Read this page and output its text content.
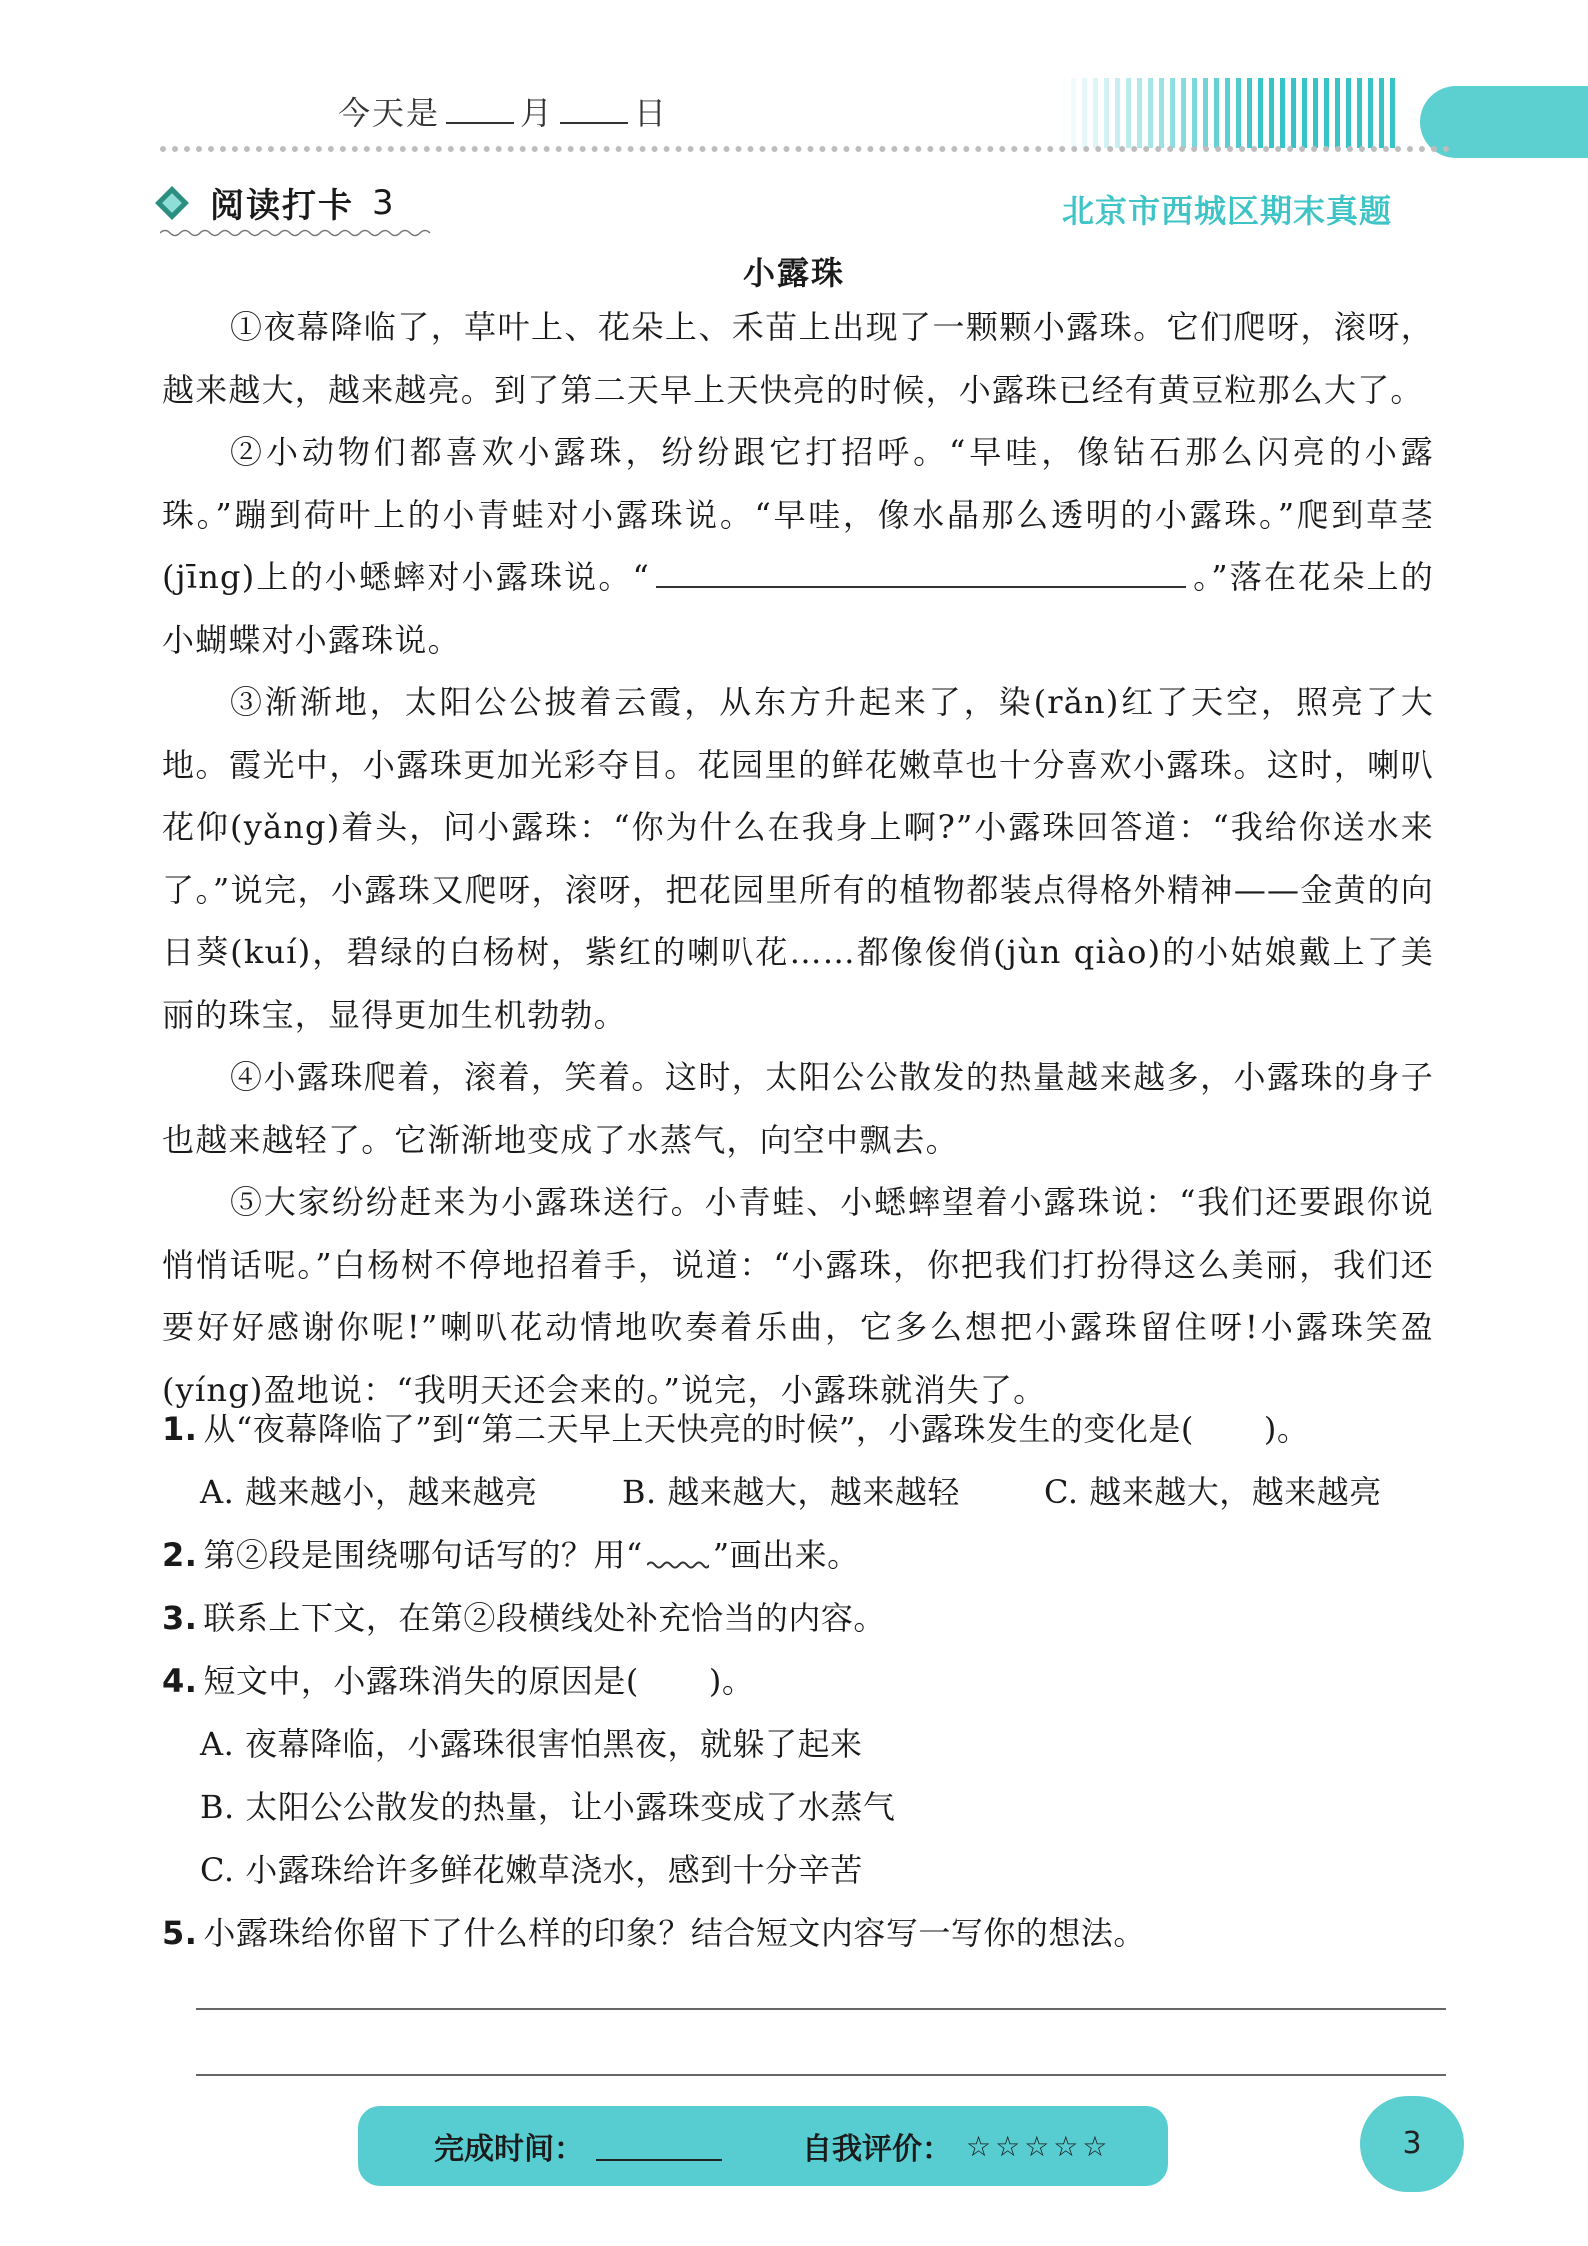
今天是	月	日
阅读打卡 3	北京市西城区期末真题
小露珠

①夜幕降临了，草叶上、花朵上、禾苗上出现了一颗颗小露珠。它们爬呀，滚呀，越来越大，越来越亮。到了第二天早上天快亮的时候，小露珠已经有黄豆粒那么大了。

②小动物们都喜欢小露珠，纷纷跟它打招呼。“早哇，像钻石那么闪亮的小露珠。”蹦到荷叶上的小青蛙对小露珠说。“早哇，像水晶那么透明的小露珠。”爬到草茎(jīng)上的小蟋蟀对小露珠说。“	。”落在花朵上的小蝴蝶对小露珠说。

③渐渐地，太阳公公披着云霞，从东方升起来了，染(rǎn)红了天空，照亮了大地。霞光中，小露珠更加光彩夺目。花园里的鲜花嫩草也十分喜欢小露珠。这时，喇叭花仰(yǎng)着头，问小露珠：“你为什么在我身上啊?”小露珠回答道：“我给你送水来了。”说完，小露珠又爬呀，滚呀，把花园里所有的植物都装点得格外精神——金黄的向日葵(kuí)，碧绿的白杨树，紫红的喇叭花……都像俊俏(jùn qiào)的小姑娘戴上了美丽的珠宝，显得更加生机勃勃。

④小露珠爬着，滚着，笑着。这时，太阳公公散发的热量越来越多，小露珠的身子也越来越轻了。它渐渐地变成了水蒸气，向空中飘去。

⑤大家纷纷赶来为小露珠送行。小青蛙、小蟋蟀望着小露珠说：“我们还要跟你说悄悄话呢。”白杨树不停地招着手，说道：“小露珠，你把我们打扮得这么美丽，我们还要好好感谢你呢!”喇叭花动情地吹奏着乐曲，它多么想把小露珠留住呀!小露珠笑盈(yíng)盈地说：“我明天还会来的。”说完，小露珠就消失了。

1. 从“夜幕降临了”到“第二天早上天快亮的时候”，小露珠发生的变化是( )。
A. 越来越小，越来越亮	B. 越来越大，越来越轻	C. 越来越大，越来越亮
2. 第②段是围绕哪句话写的？用“ ”画出来。
3. 联系上下文，在第②段横线处补充恰当的内容。
4. 短文中，小露珠消失的原因是( )。
A. 夜幕降临，小露珠很害怕黑夜，就躲了起来
B. 太阳公公散发的热量，让小露珠变成了水蒸气
C. 小露珠给许多鲜花嫩草浇水，感到十分辛苦
5. 小露珠给你留下了什么样的印象？结合短文内容写一写你的想法。
完成时间：	自我评价： ☆☆☆☆☆	3
